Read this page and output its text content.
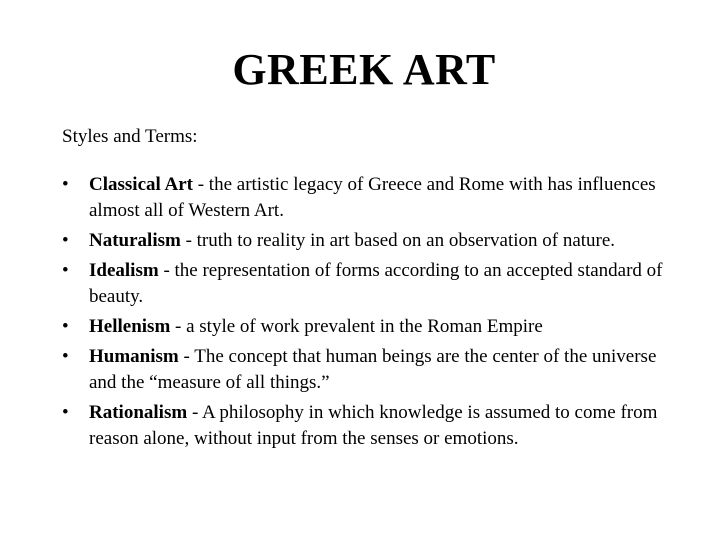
GREEK ART
Styles and Terms:
• Classical Art - the artistic legacy of Greece and Rome with has influences almost all of Western Art.
• Naturalism - truth to reality in art based on an observation of nature.
• Idealism - the representation of forms according to an accepted standard of beauty.
• Hellenism - a style of work prevalent in the Roman Empire
• Humanism - The concept that human beings are the center of the universe and the “measure of all things.”
• Rationalism - A philosophy in which knowledge is assumed to come from reason alone, without input from the senses or emotions.
